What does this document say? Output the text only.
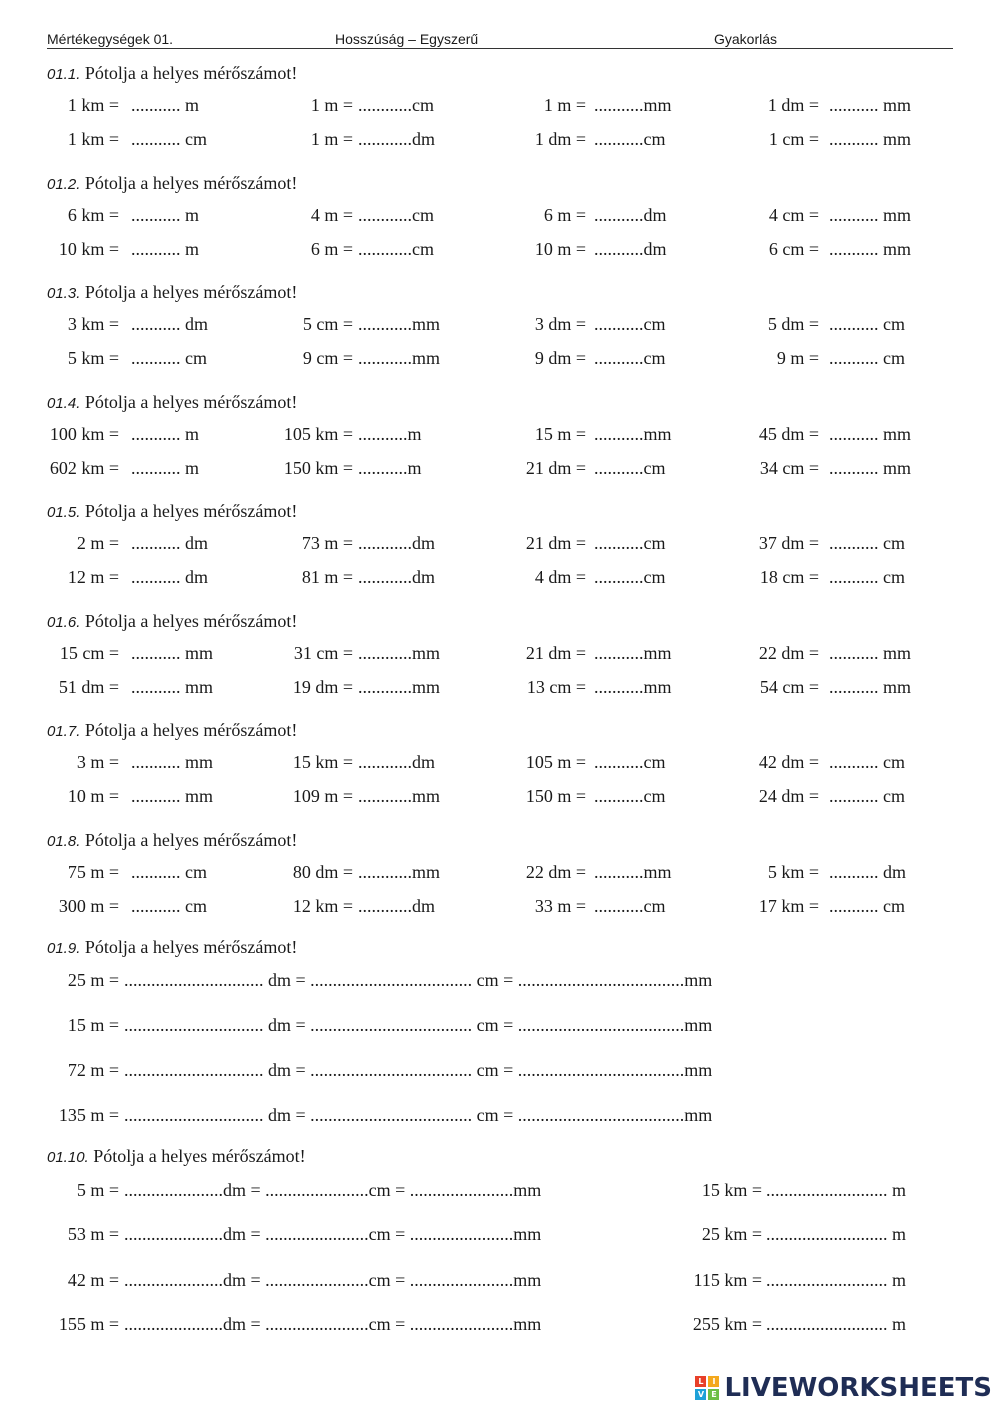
Mértékegységek 01.	Hosszúság – Egyszerű	Gyakorlás
01.1. Pótolja a helyes mérőszámot!
1 km = ........... m	1 m = ............cm	1 m = ...........mm	1 dm = ........... mm
1 km = ........... cm	1 m = ............dm	1 dm = ...........cm	1 cm = ........... mm
01.2. Pótolja a helyes mérőszámot!
6 km = ........... m	4 m = ............cm	6 m = ...........dm	4 cm = ........... mm
10 km = ........... m	6 m = ............cm	10 m = ...........dm	6 cm = ........... mm
01.3. Pótolja a helyes mérőszámot!
3 km = ........... dm	5 cm = ............mm	3 dm = ...........cm	5 dm = ........... cm
5 km = ........... cm	9 cm = ............mm	9 dm = ...........cm	9 m = ........... cm
01.4. Pótolja a helyes mérőszámot!
100 km = ........... m	105 km = ...........m	15 m = ...........mm	45 dm = ........... mm
602 km = ........... m	150 km = ...........m	21 dm = ...........cm	34 cm = ........... mm
01.5. Pótolja a helyes mérőszámot!
2 m = ........... dm	73 m = ............dm	21 dm = ...........cm	37 dm = ........... cm
12 m = ........... dm	81 m = ............dm	4 dm = ...........cm	18 cm = ........... cm
01.6. Pótolja a helyes mérőszámot!
15 cm = ........... mm	31 cm = ............mm	21 dm = ...........mm	22 dm = ........... mm
51 dm = ........... mm	19 dm = ............mm	13 cm = ...........mm	54 cm = ........... mm
01.7. Pótolja a helyes mérőszámot!
3 m = ........... mm	15 km = ............dm	105 m = ...........cm	42 dm = ........... cm
10 m = ........... mm	109 m = ............mm	150 m = ...........cm	24 dm = ........... cm
01.8. Pótolja a helyes mérőszámot!
75 m = ........... cm	80 dm = ............mm	22 dm = ...........mm	5 km = ........... dm
300 m = ........... cm	12 km = ............dm	33 m = ...........cm	17 km = ........... cm
01.9. Pótolja a helyes mérőszámot!
25 m = ............................... dm = .................................... cm = .....................................mm
15 m = ............................... dm = .................................... cm = .....................................mm
72 m = ............................... dm = .................................... cm = .....................................mm
135 m = ............................... dm = .................................... cm = .....................................mm
01.10. Pótolja a helyes mérőszámot!
5 m = ......................dm = .......................cm = .......................mm	15 km = ........................... m
53 m = ......................dm = .......................cm = .......................mm	25 km = ........................... m
42 m = ......................dm = .......................cm = .......................mm	115 km = ........................... m
155 m = ......................dm = .......................cm = .......................mm	255 km = ........................... m
L	I
V E LIVEWORKSHEETS
